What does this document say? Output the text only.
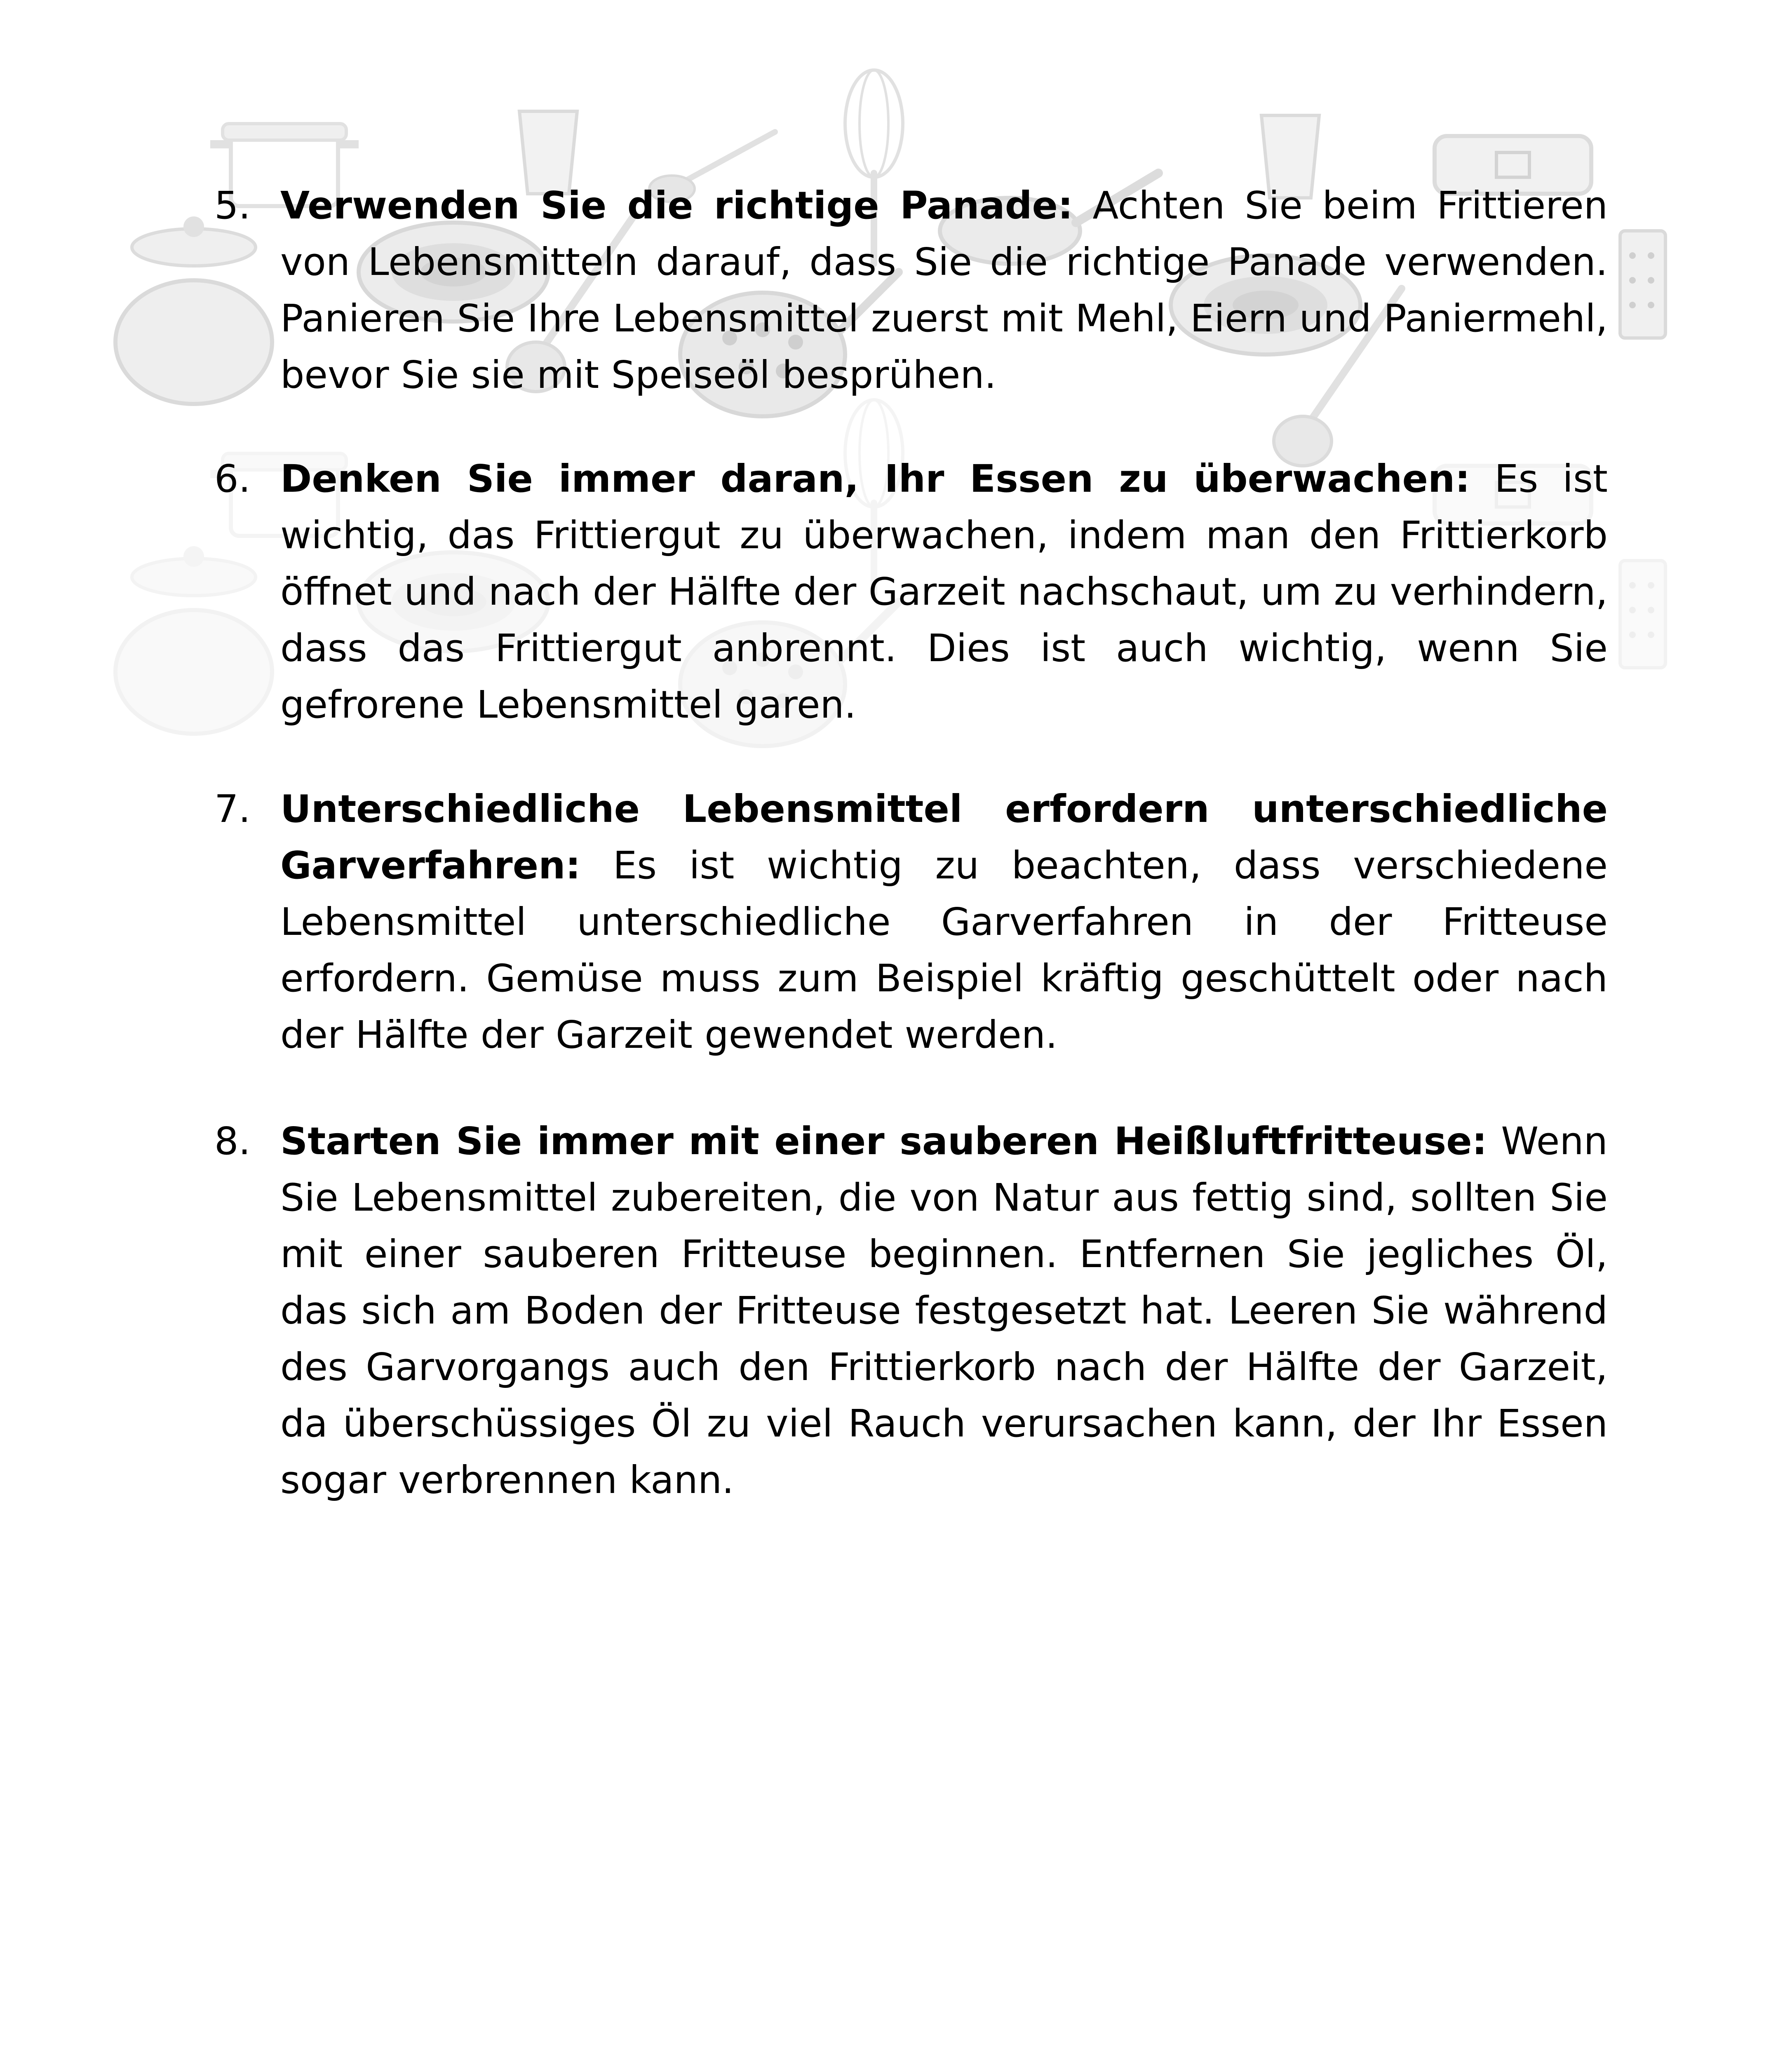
5. Verwenden Sie die richtige Panade: Achten Sie beim Frittieren von Lebensmitteln darauf, dass Sie die richtige Panade verwenden. Panieren Sie Ihre Lebensmittel zuerst mit Mehl, Eiern und Paniermehl, bevor Sie sie mit Speiseöl besprühen.
6. Denken Sie immer daran, Ihr Essen zu überwachen: Es ist wichtig, das Frittiergut zu überwachen, indem man den Frittierkorb öffnet und nach der Hälfte der Garzeit nachschaut, um zu verhindern, dass das Frittiergut anbrennt. Dies ist auch wichtig, wenn Sie gefrorene Lebensmittel garen.
7. Unterschiedliche Lebensmittel erfordern unterschiedliche Garverfahren: Es ist wichtig zu beachten, dass verschiedene Lebensmittel unterschiedliche Garverfahren in der Fritteuse erfordern. Gemüse muss zum Beispiel kräftig geschüttelt oder nach der Hälfte der Garzeit gewendet werden.
8. Starten Sie immer mit einer sauberen Heißluftfritteuse: Wenn Sie Lebensmittel zubereiten, die von Natur aus fettig sind, sollten Sie mit einer sauberen Fritteuse beginnen. Entfernen Sie jegliches Öl, das sich am Boden der Fritteuse festgesetzt hat. Leeren Sie während des Garvorgangs auch den Frittierkorb nach der Hälfte der Garzeit, da überschüssiges Öl zu viel Rauch verursachen kann, der Ihr Essen sogar verbrennen kann.
